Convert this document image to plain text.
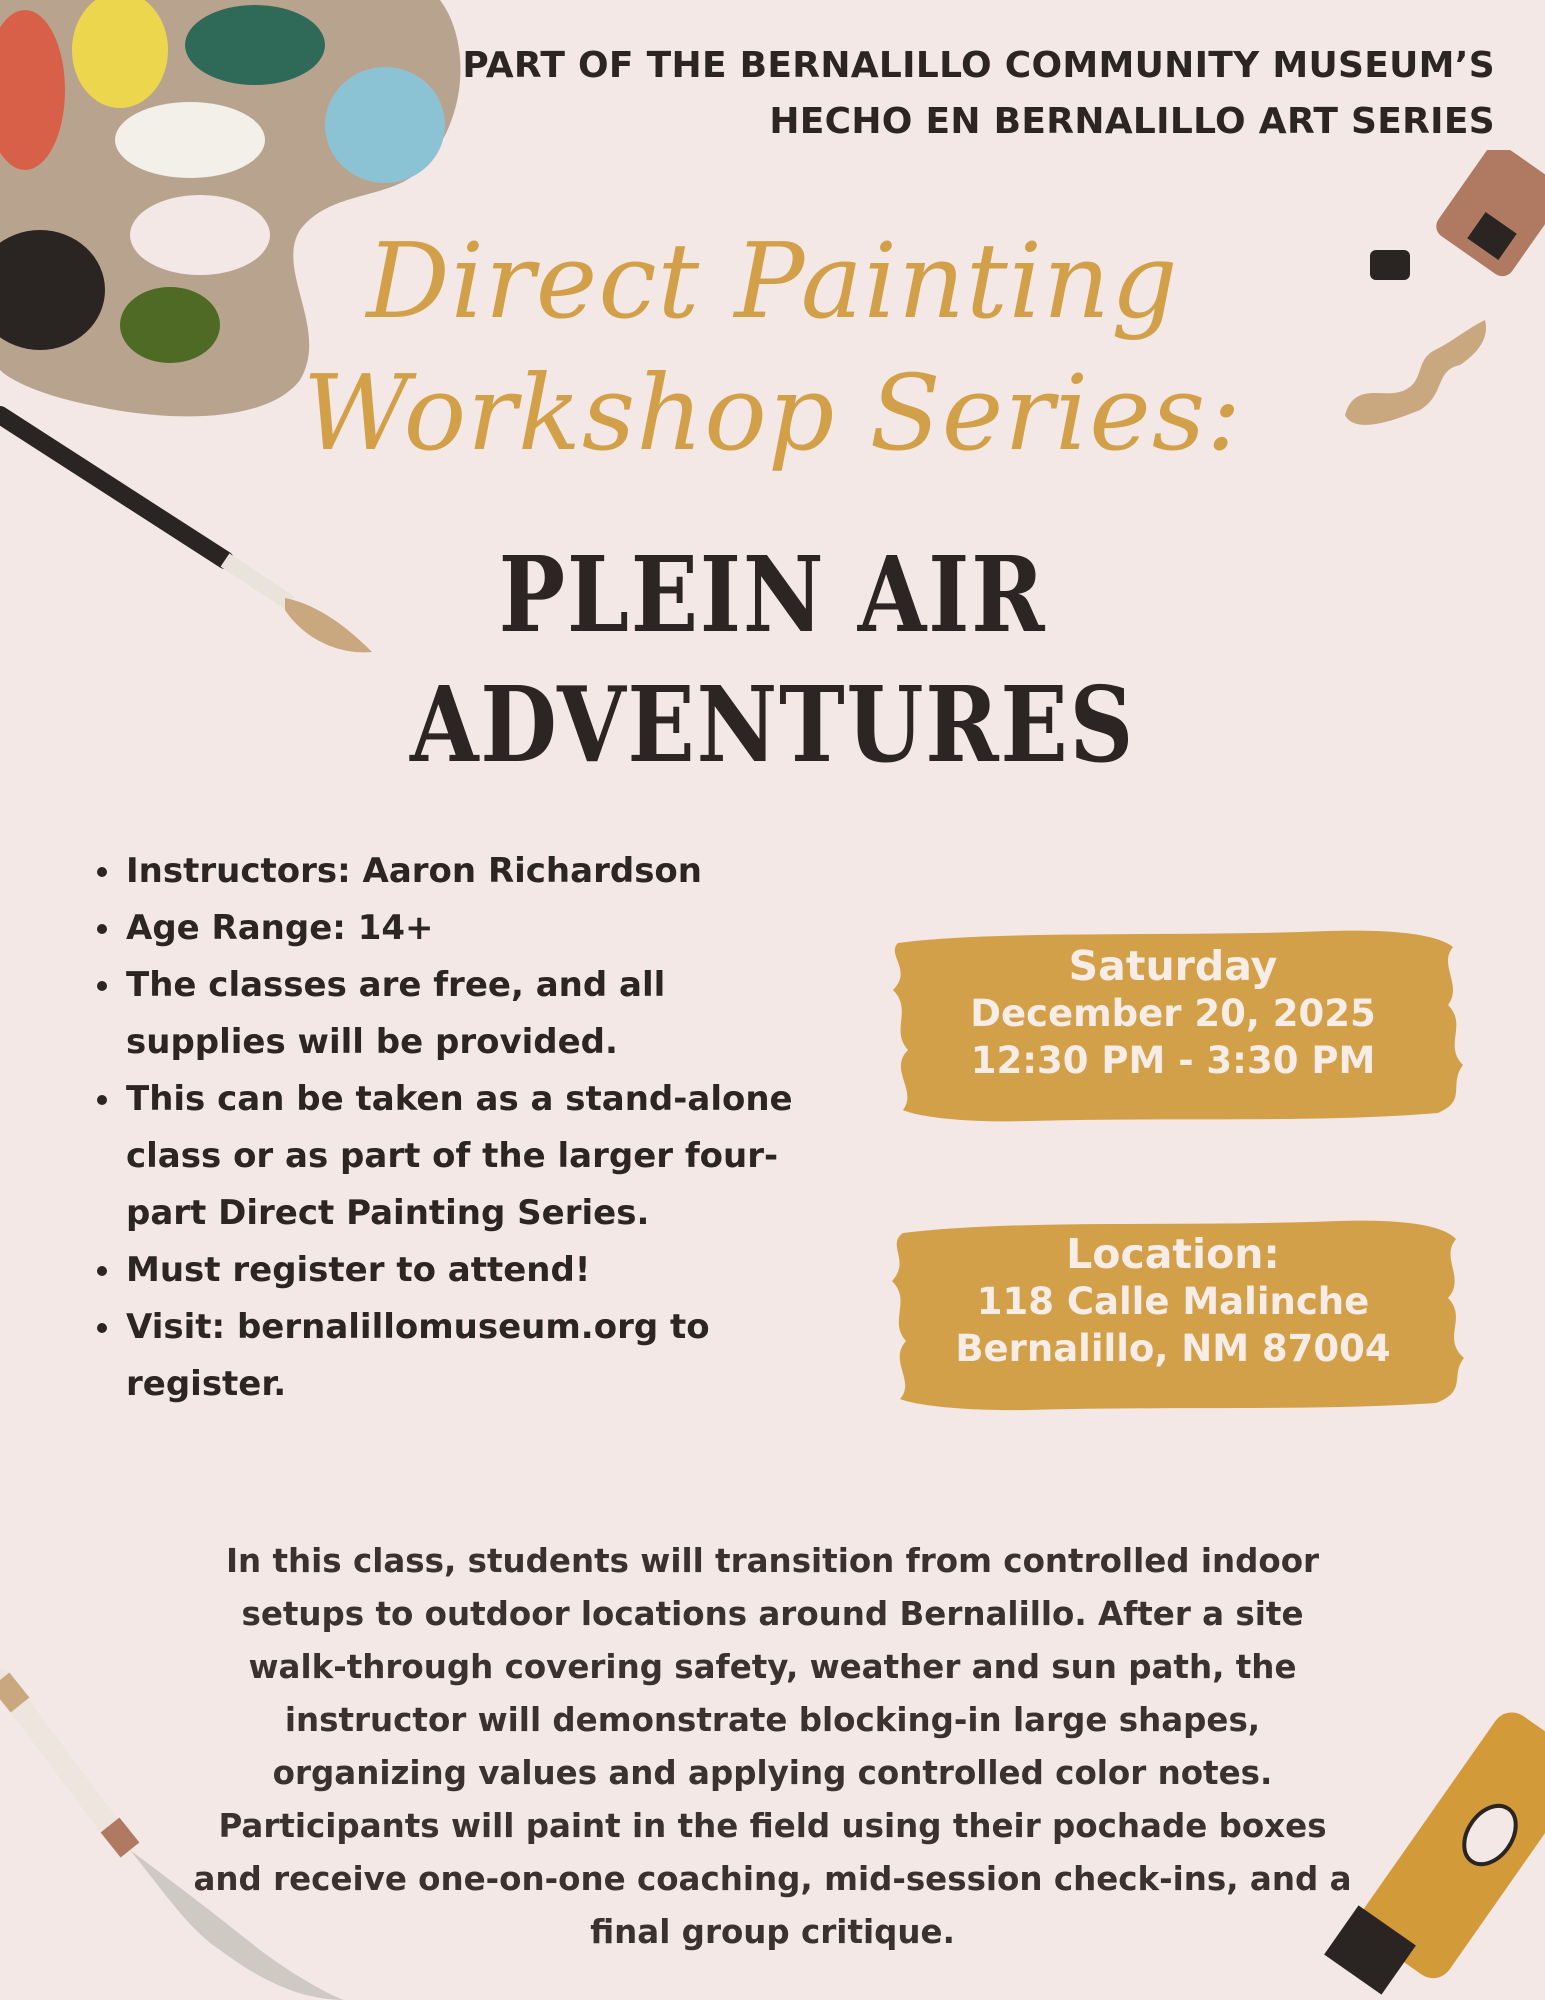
PART OF THE BERNALILLO COMMUNITY MUSEUM’S
HECHO EN BERNALILLO ART SERIES
Direct Painting
Workshop Series:
PLEIN AIR
ADVENTURES
• Instructors: Aaron Richardson
• Age Range: 14+
• The classes are free, and all supplies will be provided.
• This can be taken as a stand-alone class or as part of the larger four-part Direct Painting Series.
• Must register to attend!
• Visit: bernalillomuseum.org to register.
Saturday
December 20, 2025
12:30 PM - 3:30 PM
Location:
118 Calle Malinche
Bernalillo, NM 87004
In this class, students will transition from controlled indoor setups to outdoor locations around Bernalillo. After a site walk-through covering safety, weather and sun path, the instructor will demonstrate blocking-in large shapes, organizing values and applying controlled color notes. Participants will paint in the field using their pochade boxes and receive one-on-one coaching, mid-session check-ins, and a final group critique.
